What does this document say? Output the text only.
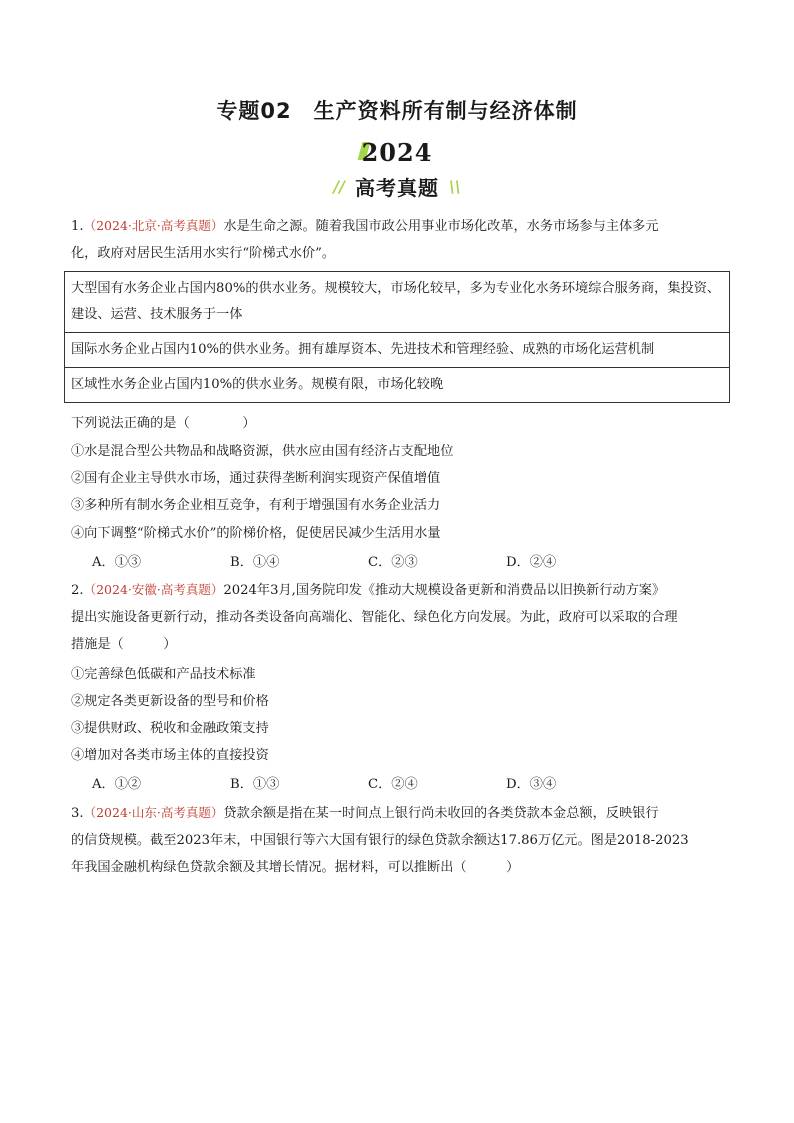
专题02　生产资料所有制与经济体制
2024
// 高考真题 \\
1.（2024·北京·高考真题）水是生命之源。随着我国市政公用事业市场化改革，水务市场参与主体多元
化，政府对居民生活用水实行“阶梯式水价”。
大型国有水务企业占国内80%的供水业务。规模较大，市场化较早，多为专业化水务环境综合服务商，集投资、建设、运营、技术服务于一体
国际水务企业占国内10%的供水业务。拥有雄厚资本、先进技术和管理经验、成熟的市场化运营机制
区域性水务企业占国内10%的供水业务。规模有限，市场化较晚
下列说法正确的是（　　　　）
①水是混合型公共物品和战略资源，供水应由国有经济占支配地位
②国有企业主导供水市场，通过获得垄断利润实现资产保值增值
③多种所有制水务企业相互竞争，有利于增强国有水务企业活力
④向下调整“阶梯式水价”的阶梯价格，促使居民减少生活用水量
A．①③	B．①④	C．②③	D．②④
2.（2024·安徽·高考真题）2024年3月,国务院印发《推动大规模设备更新和消费品以旧换新行动方案》
提出实施设备更新行动，推动各类设备向高端化、智能化、绿色化方向发展。为此，政府可以采取的合理
措施是（　　　）
①完善绿色低碳和产品技术标准
②规定各类更新设备的型号和价格
③提供财政、税收和金融政策支持
④增加对各类市场主体的直接投资
A．①②	B．①③	C．②④	D．③④
3.（2024·山东·高考真题）贷款余额是指在某一时间点上银行尚未收回的各类贷款本金总额，反映银行
的信贷规模。截至2023年末，中国银行等六大国有银行的绿色贷款余额达17.86万亿元。图是2018-2023
年我国金融机构绿色贷款余额及其增长情况。据材料，可以推断出（　　　）
